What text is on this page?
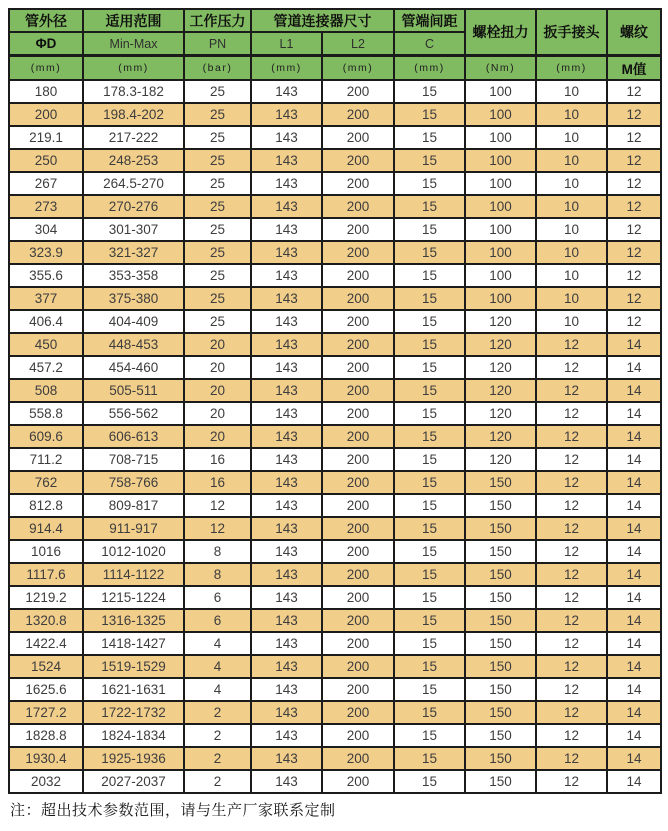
管外径	适用范围	工作压力	管道连接器尺寸		管端间距	螺栓扭力	扳手接头	螺纹
ΦD	Min-Max	PN	L1	L2	C			
(mm)	(mm)	(bar)	(mm)	(mm)	(mm)	(Nm)	(mm)	M值
180	178.3-182	25	143	200	15	100	10	12
200	198.4-202	25	143	200	15	100	10	12
219.1	217-222	25	143	200	15	100	10	12
250	248-253	25	143	200	15	100	10	12
267	264.5-270	25	143	200	15	100	10	12
273	270-276	25	143	200	15	100	10	12
304	301-307	25	143	200	15	100	10	12
323.9	321-327	25	143	200	15	100	10	12
355.6	353-358	25	143	200	15	100	10	12
377	375-380	25	143	200	15	100	10	12
406.4	404-409	25	143	200	15	120	10	12
450	448-453	20	143	200	15	120	12	14
457.2	454-460	20	143	200	15	120	12	14
508	505-511	20	143	200	15	120	12	14
558.8	556-562	20	143	200	15	120	12	14
609.6	606-613	20	143	200	15	120	12	14
711.2	708-715	16	143	200	15	120	12	14
762	758-766	16	143	200	15	150	12	14
812.8	809-817	12	143	200	15	150	12	14
914.4	911-917	12	143	200	15	150	12	14
1016	1012-1020	8	143	200	15	150	12	14
1117.6	1114-1122	8	143	200	15	150	12	14
1219.2	1215-1224	6	143	200	15	150	12	14
1320.8	1316-1325	6	143	200	15	150	12	14
1422.4	1418-1427	4	143	200	15	150	12	14
1524	1519-1529	4	143	200	15	150	12	14
1625.6	1621-1631	4	143	200	15	150	12	14
1727.2	1722-1732	2	143	200	15	150	12	14
1828.8	1824-1834	2	143	200	15	150	12	14
1930.4	1925-1936	2	143	200	15	150	12	14
2032	2027-2037	2	143	200	15	150	12	14
注：超出技术参数范围，请与生产厂家联系定制
